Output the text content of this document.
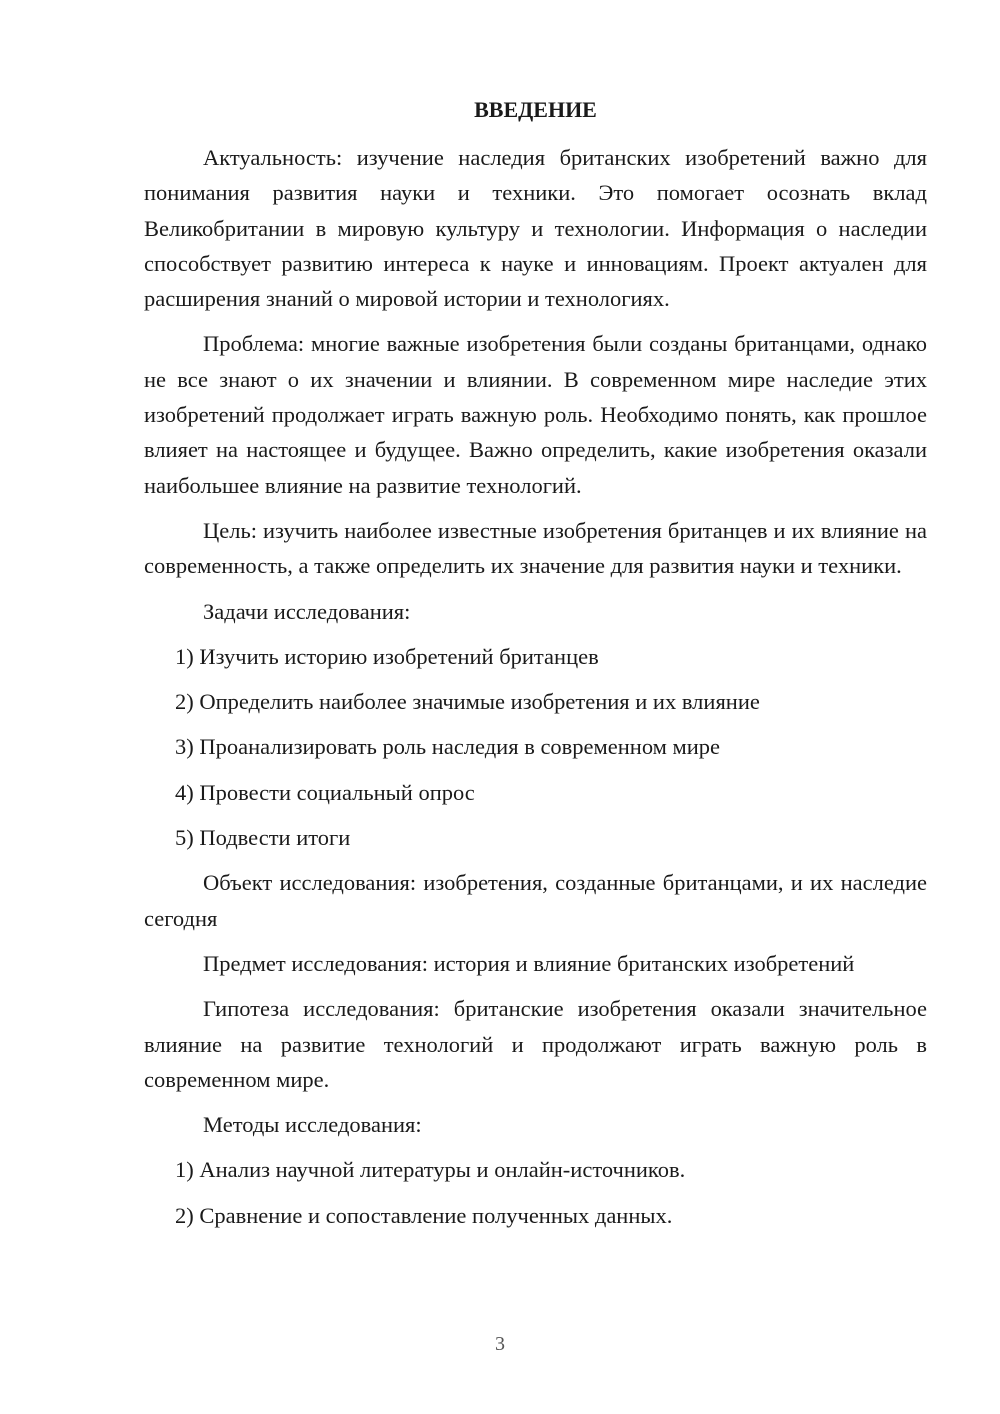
ВВЕДЕНИЕ

Актуальность: изучение наследия британских изобретений важно для понимания развития науки и техники. Это помогает осознать вклад Великобритании в мировую культуру и технологии. Информация о наследии способствует развитию интереса к науке и инновациям. Проект актуален для расширения знаний о мировой истории и технологиях.

Проблема: многие важные изобретения были созданы британцами, однако не все знают о их значении и влиянии. В современном мире наследие этих изобретений продолжает играть важную роль. Необходимо понять, как прошлое влияет на настоящее и будущее. Важно определить, какие изобретения оказали наибольшее влияние на развитие технологий.

Цель: изучить наиболее известные изобретения британцев и их влияние на современность, а также определить их значение для развития науки и техники.

Задачи исследования:

1) Изучить историю изобретений британцев
2) Определить наиболее значимые изобретения и их влияние
3) Проанализировать роль наследия в современном мире
4) Провести социальный опрос
5) Подвести итоги

Объект исследования: изобретения, созданные британцами, и их наследие сегодня

Предмет исследования: история и влияние британских изобретений

Гипотеза исследования: британские изобретения оказали значительное влияние на развитие технологий и продолжают играть важную роль в современном мире.

Методы исследования:

1) Анализ научной литературы и онлайн-источников.
2) Сравнение и сопоставление полученных данных.
3
